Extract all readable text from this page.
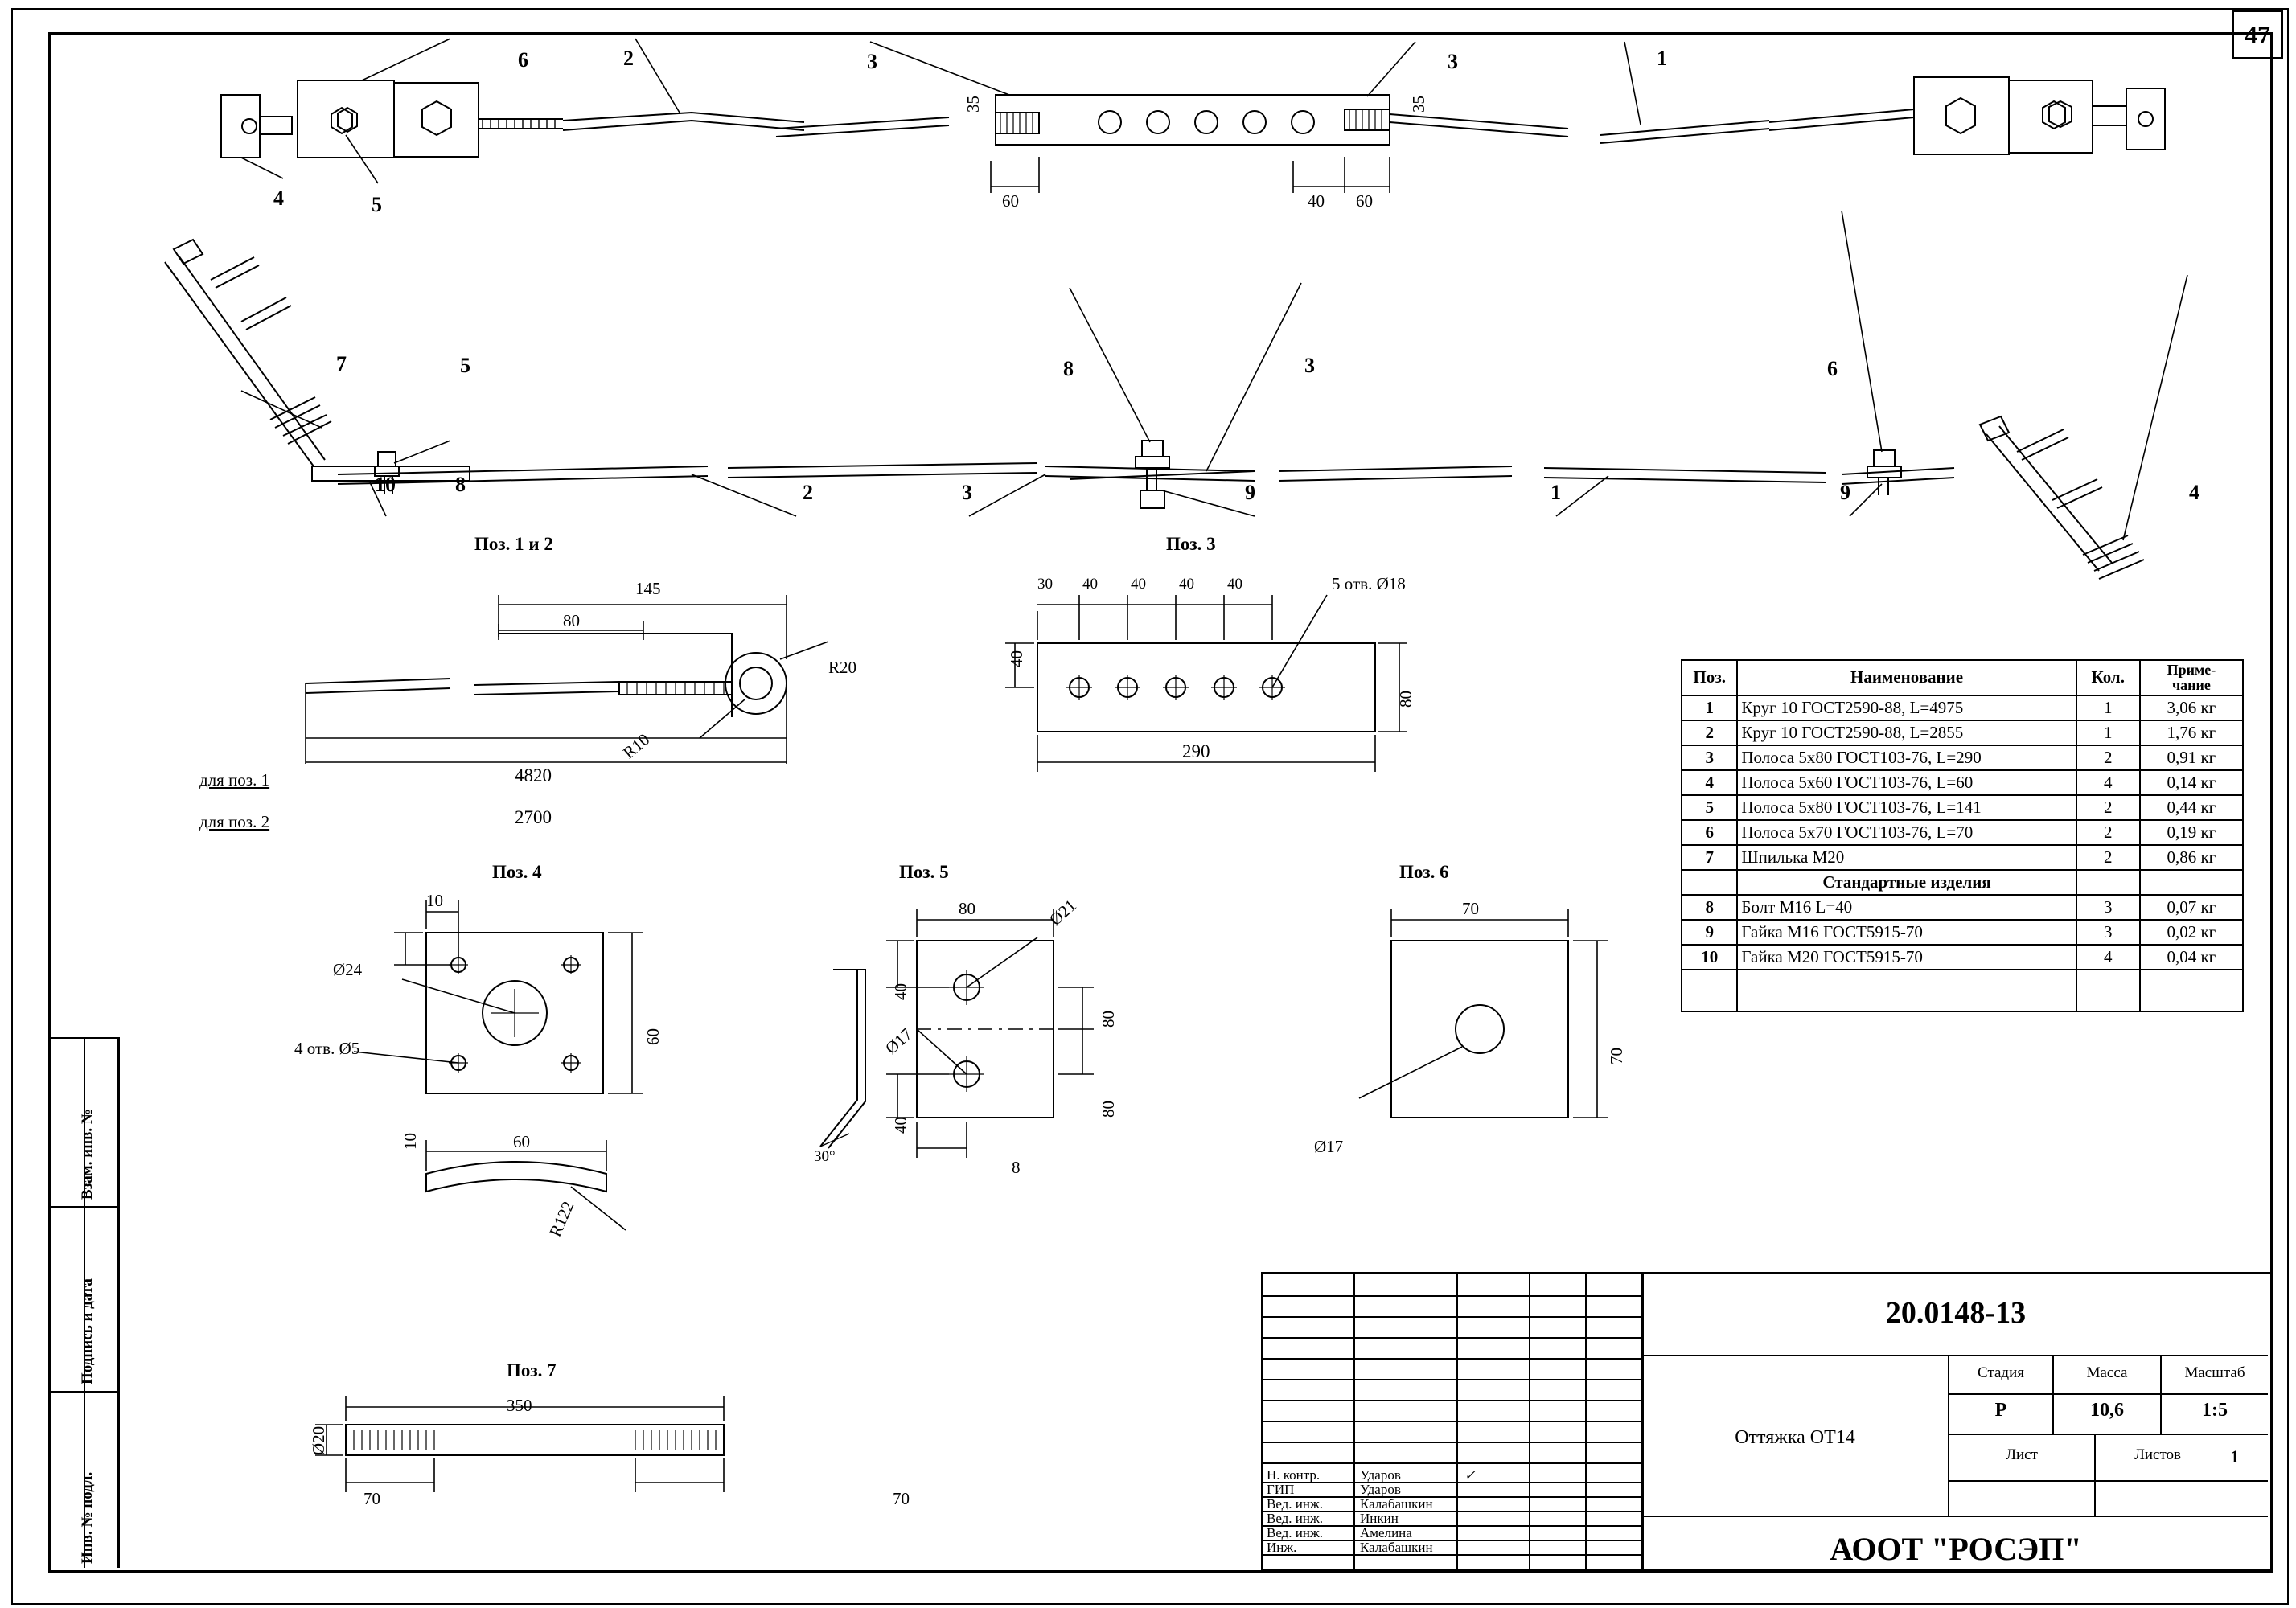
47
Инв. № подл.
Подпись и дата
Взам. инв. №
6	2	3	3	1
4	5
35
60	40 60
35
7	5
10	8	2
8	3
3	9	1
6
9	4
Поз. 1 и 2	Поз. 3
Поз. 4	Поз. 5	Поз. 6
Поз. 7
145
80
R20
R10
для поз. 1	4820
для поз. 2	2700
30 40 40 40 40	5 отв. Ø18
40
80
290
10
10
Ø24
4 отв. Ø5
60
60
R122
80	Ø21
Ø17
40
40
80
80
8
30°
70
70
Ø17
350
Ø20
70	70
Поз.	Наименование	Кол.	Приме-
чание
1	Круг 10 ГОСТ2590-88, L=4975	1	3,06 кг
2	Круг 10 ГОСТ2590-88, L=2855	1	1,76 кг
3	Полоса 5х80 ГОСТ103-76, L=290	2	0,91 кг
4	Полоса 5х60 ГОСТ103-76, L=60	4	0,14 кг
5	Полоса 5х80 ГОСТ103-76, L=141	2	0,44 кг
6	Полоса 5х70 ГОСТ103-76, L=70	2	0,19 кг
7	Шпилька М20	2	0,86 кг
	Стандартные изделия		
8	Болт М16 L=40	3	0,07 кг
9	Гайка М16 ГОСТ5915-70	3	0,02 кг
10	Гайка М20 ГОСТ5915-70	4	0,04 кг

Н. контр.	Ударов
ГИП	Ударов
Вед. инж.	Калабашкин
Вед. инж.	Инкин
Вед. инж.	Амелина
Инж.	Калабашкин
✓
20.0148-13
Оттяжка ОТ14
Стадия	Масса	Масштаб
Р	10,6	1:5
Лист	Листов	1
АООТ "РОСЭП"
